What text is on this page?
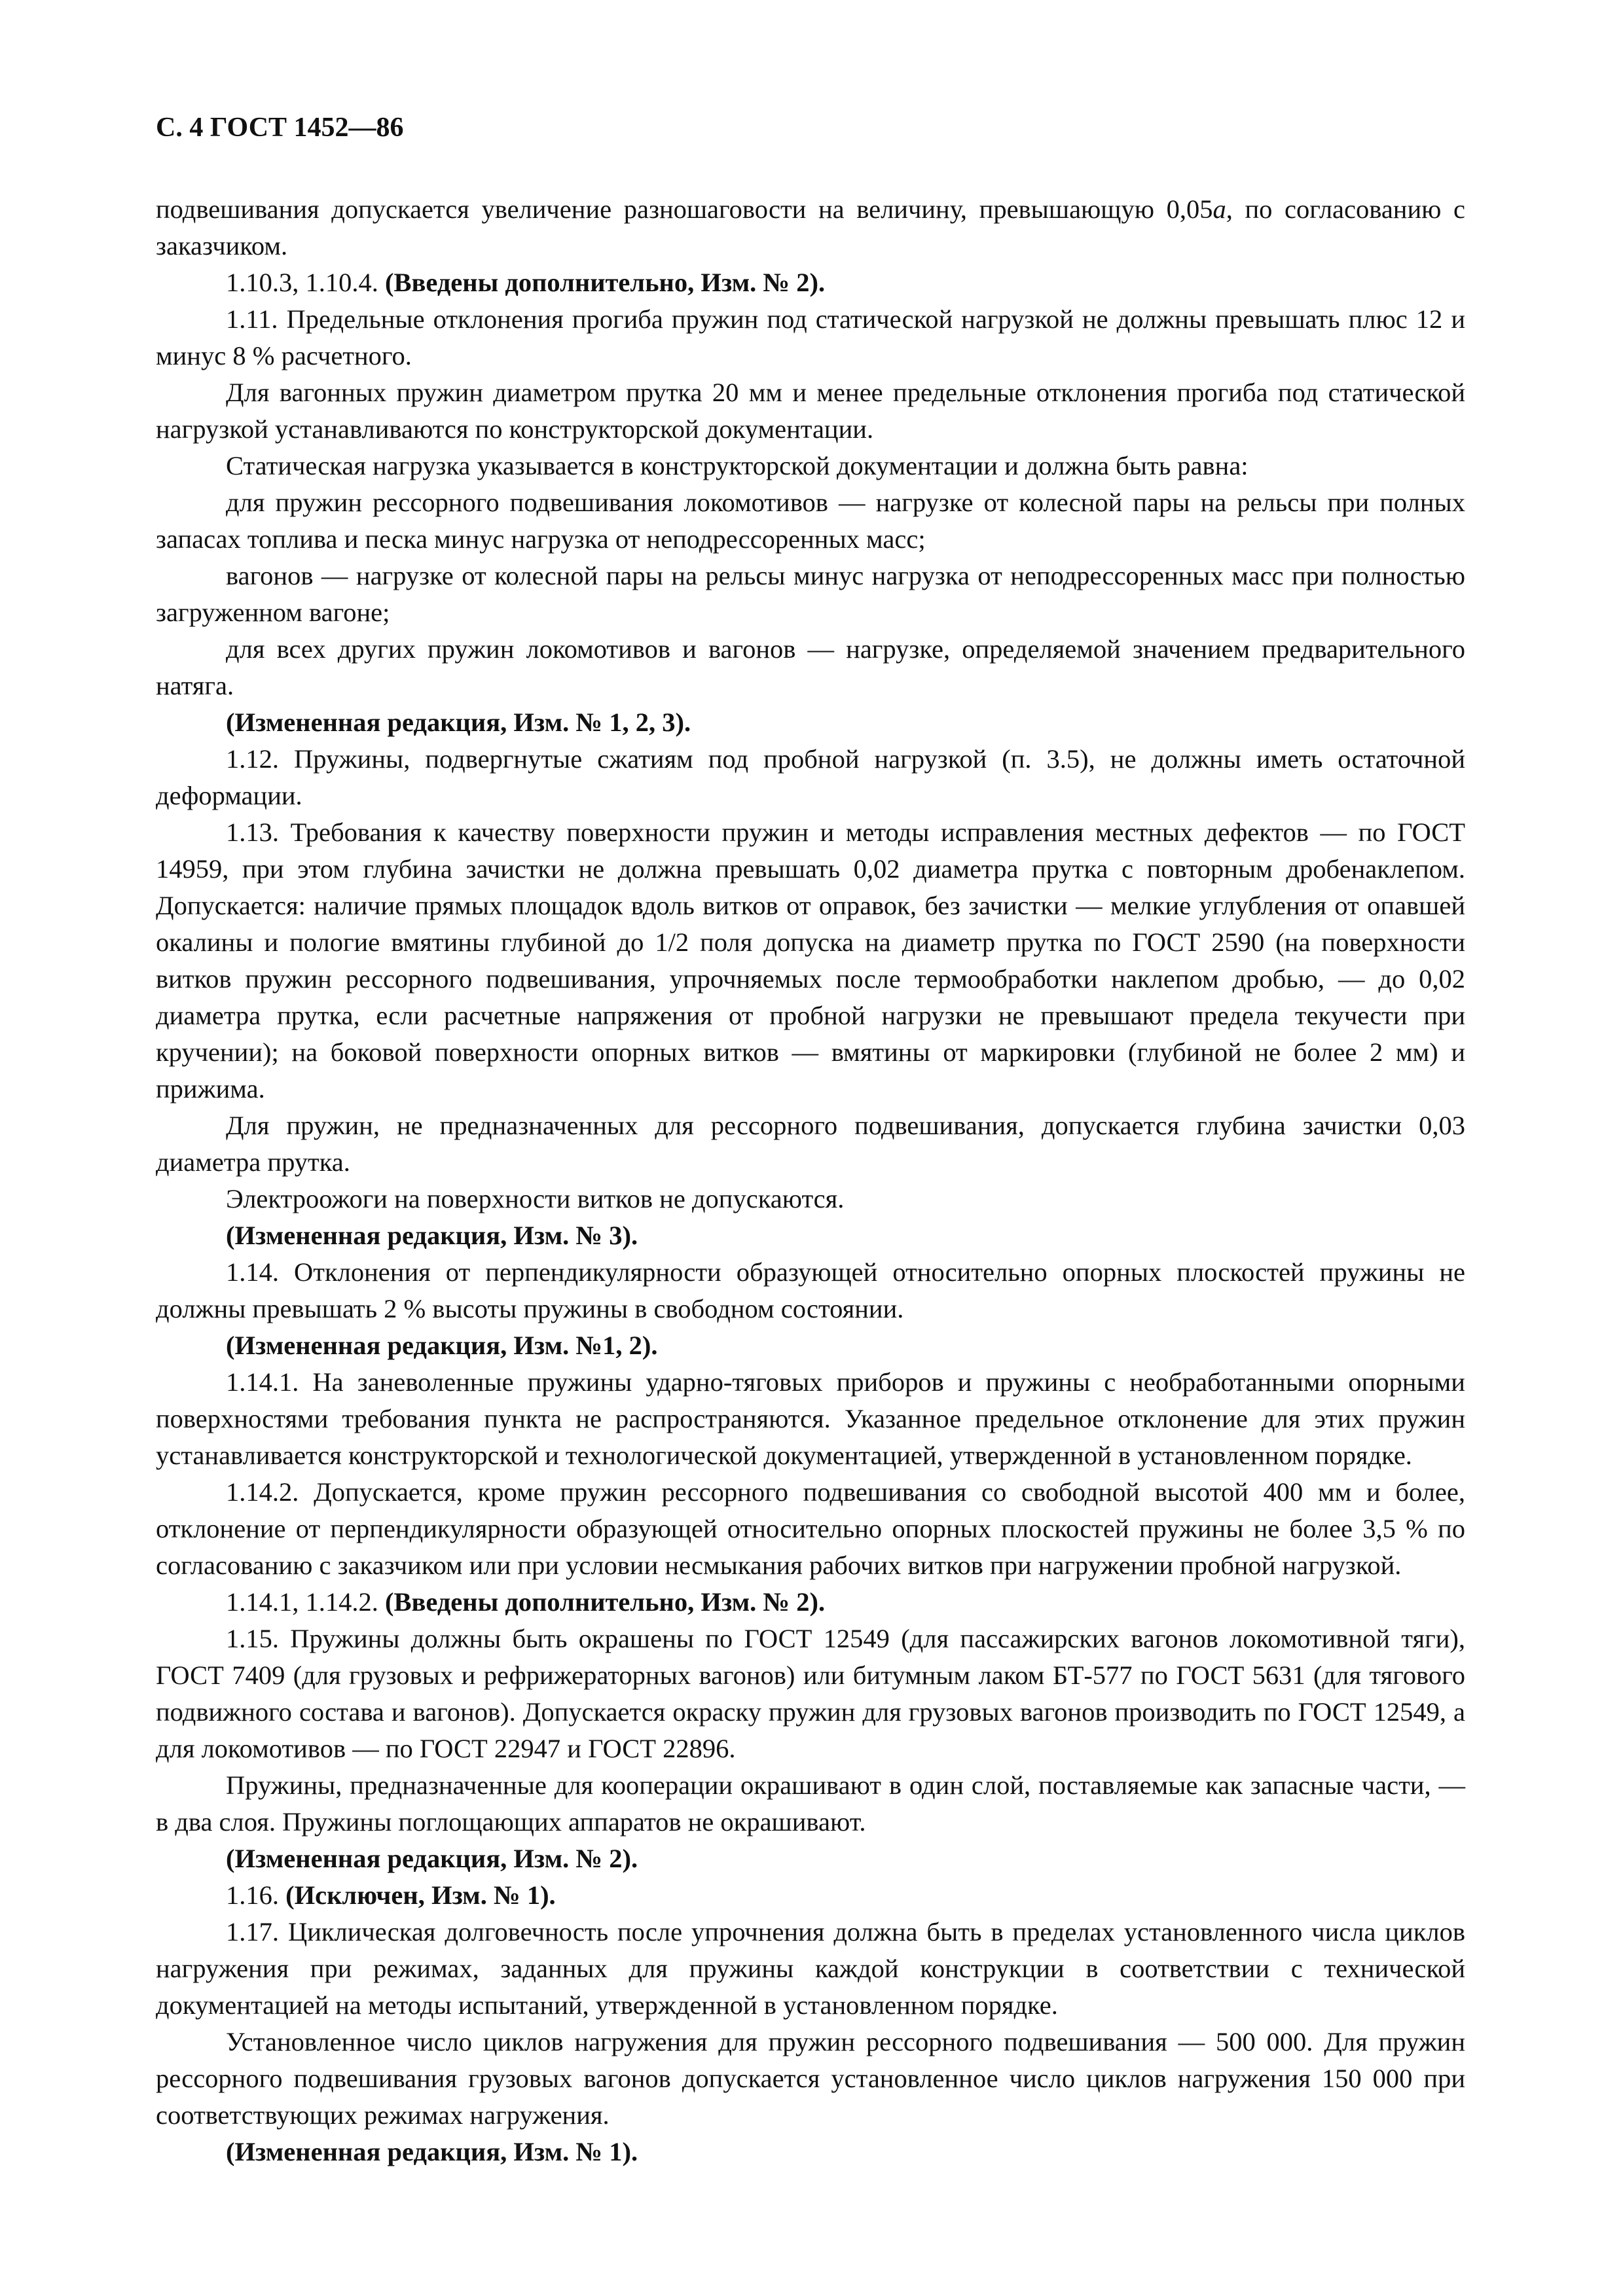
С. 4 ГОСТ 1452—86

подвешивания допускается увеличение разношаговости на величину, превышающую 0,05a, по согласованию с заказчиком.

1.10.3, 1.10.4. (Введены дополнительно, Изм. № 2).

1.11. Предельные отклонения прогиба пружин под статической нагрузкой не должны превышать плюс 12 и минус 8 % расчетного.

Для вагонных пружин диаметром прутка 20 мм и менее предельные отклонения прогиба под статической нагрузкой устанавливаются по конструкторской документации.

Статическая нагрузка указывается в конструкторской документации и должна быть равна:

для пружин рессорного подвешивания локомотивов — нагрузке от колесной пары на рельсы при полных запасах топлива и песка минус нагрузка от неподрессоренных масс;

вагонов — нагрузке от колесной пары на рельсы минус нагрузка от неподрессоренных масс при полностью загруженном вагоне;

для всех других пружин локомотивов и вагонов — нагрузке, определяемой значением предварительного натяга.

(Измененная редакция, Изм. № 1, 2, 3).

1.12. Пружины, подвергнутые сжатиям под пробной нагрузкой (п. 3.5), не должны иметь остаточной деформации.

1.13. Требования к качеству поверхности пружин и методы исправления местных дефектов — по ГОСТ 14959, при этом глубина зачистки не должна превышать 0,02 диаметра прутка с повторным дробенаклепом. Допускается: наличие прямых площадок вдоль витков от оправок, без зачистки — мелкие углубления от опавшей окалины и пологие вмятины глубиной до 1/2 поля допуска на диаметр прутка по ГОСТ 2590 (на поверхности витков пружин рессорного подвешивания, упрочняемых после термообработки наклепом дробью, — до 0,02 диаметра прутка, если расчетные напряжения от пробной нагрузки не превышают предела текучести при кручении); на боковой поверхности опорных витков — вмятины от маркировки (глубиной не более 2 мм) и прижима.

Для пружин, не предназначенных для рессорного подвешивания, допускается глубина зачистки 0,03 диаметра прутка.

Электроожоги на поверхности витков не допускаются.

(Измененная редакция, Изм. № 3).

1.14. Отклонения от перпендикулярности образующей относительно опорных плоскостей пружины не должны превышать 2 % высоты пружины в свободном состоянии.

(Измененная редакция, Изм. №1, 2).

1.14.1. На заневоленные пружины ударно-тяговых приборов и пружины с необработанными опорными поверхностями требования пункта не распространяются. Указанное предельное отклонение для этих пружин устанавливается конструкторской и технологической документацией, утвержденной в установленном порядке.

1.14.2. Допускается, кроме пружин рессорного подвешивания со свободной высотой 400 мм и более, отклонение от перпендикулярности образующей относительно опорных плоскостей пружины не более 3,5 % по согласованию с заказчиком или при условии несмыкания рабочих витков при нагружении пробной нагрузкой.

1.14.1, 1.14.2. (Введены дополнительно, Изм. № 2).

1.15. Пружины должны быть окрашены по ГОСТ 12549 (для пассажирских вагонов локомотивной тяги), ГОСТ 7409 (для грузовых и рефрижераторных вагонов) или битумным лаком БТ-577 по ГОСТ 5631 (для тягового подвижного состава и вагонов). Допускается окраску пружин для грузовых вагонов производить по ГОСТ 12549, а для локомотивов — по ГОСТ 22947 и ГОСТ 22896.

Пружины, предназначенные для кооперации окрашивают в один слой, поставляемые как запасные части, — в два слоя. Пружины поглощающих аппаратов не окрашивают.

(Измененная редакция, Изм. № 2).

1.16. (Исключен, Изм. № 1).

1.17. Циклическая долговечность после упрочнения должна быть в пределах установленного числа циклов нагружения при режимах, заданных для пружины каждой конструкции в соответствии с технической документацией на методы испытаний, утвержденной в установленном порядке.

Установленное число циклов нагружения для пружин рессорного подвешивания — 500 000. Для пружин рессорного подвешивания грузовых вагонов допускается установленное число циклов нагружения 150 000 при соответствующих режимах нагружения.

(Измененная редакция, Изм. № 1).
